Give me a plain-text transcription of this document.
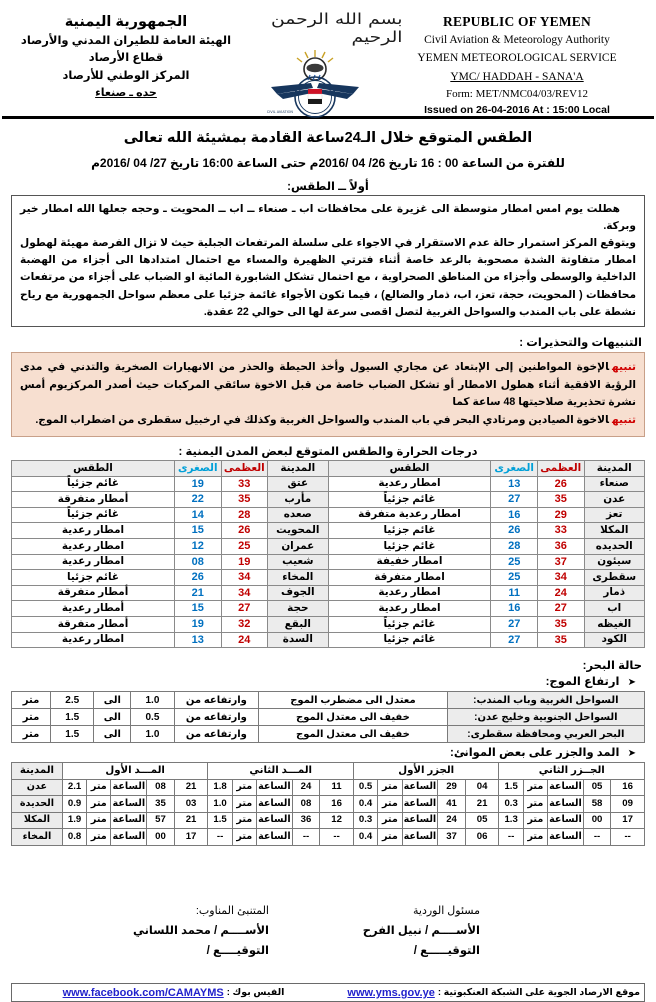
الجمهورية اليمنية
الهيئة العامة للطيران المدني والأرصاد
قطاع الأرصاد
المركز الوطني للأرصاد
حده ـ صنعاء
بسم الله الرحمن الرحيم
CIVIL AVIATION
REPUBLIC OF YEMEN
Civil Aviation & Meteorology Authority
YEMEN METEOROLOGICAL SERVICE
YMC/ HADDAH - SANA'A
Form: MET/NMC04/03/REV12
Issued on 26-04-2016 At : 15:00 Local
الطقس المتوقع خلال الـ24ساعة القادمة بمشيئة الله تعالى
للفترة من الساعة 00 : 16 تاريخ 26/ 04 /2016م حتى الساعة 16:00 تاريخ 27/ 04 /2016م
أولاً ــ الطقس:

هطلت يوم امس امطار متوسطة الى غزيرة على محافظات اب ـ صنعاء ــ اب ــ المحويت ـ وحجه جعلها الله امطار خير وبركة.

ويتوقع المركز استمرار حالة عدم الاستقرار في الاجواء على سلسلة المرتفعات الجبلية حيث لا تزال الفرصة مهيئة لهطول امطار متفاوتة الشدة مصحوبة بالرعد خاصة أثناء فترتي الظهيرة والمساء مع احتمال امتدادها الى أجزاء من الهضبة الداخلية والوسطى وأجزاء من المناطق الصحراوية ، مع احتمال تشكل الشابورة المائية او الضباب على أجزاء من مرتفعات محافظات ( المحويت، حجة، تعز، اب، ذمار والضالع) ، فيما تكون الأجواء غائمة جزئيا على معظم سواحل الجمهورية مع رياح نشطة على باب المندب والسواحل الغربية لتصل اقصى سرعة لها الى حوالي 22 عقدة.

التنبيهات والتحذيرات :

تنبيهالإخوة المواطنين إلى الإبتعاد عن مجاري السيول وأخذ الحيطة والحذر من الانهيارات الصخرية والتدني في مدى الرؤية الافقية أثناء هطول الامطار أو تشكل الضباب خاصة من قبل الاخوة سائقي المركبات حيث أصدر المركزيوم أمس نشرة تحذيرية صلاحيتها 48 ساعة كما

تنبيهالاخوة الصيادين ومرتادي البحر في باب المندب والسواحل الغربية وكذلك في ارخبيل سقطرى من اضطراب الموج.

درجات الحرارة والطقس المتوقع لبعض المدن اليمنية :
المدينة	العظمى	الصغرى	الطقس	المدينة	العظمى	الصغرى	الطقس
صنعاء	26	13	امطار رعدية	عتق	33	19	غائم جزئياً
عدن	35	27	غائم جزئياً	مأرب	35	22	أمطار متفرقة
تعز	29	16	امطار رعدية متفرقة	صعده	28	14	غائم جزئياً
المكلا	33	26	غائم جزئيا	المحويت	26	15	امطار رعدية
الحديده	36	28	غائم جزئيا	عمران	25	12	امطار رعدية
سيئون	37	25	امطار خفيفة	شعيب	19	08	امطار رعدية
سقطرى	34	25	امطار متفرقة	المخاء	34	26	غائم جزئيا
ذمار	24	11	امطار رعدية	الجوف	34	21	أمطار متفرقة
اب	27	16	امطار رعدية	حجة	27	15	أمطار رعدية
الغيظه	35	27	غائم جزئياً	البقع	32	19	أمطار متفرقة
الكود	35	27	غائم جزئيا	السدة	24	13	امطار رعدية
حالة البحر:
➤ ارتفاع الموج:
السواحل الغربية وباب المندب:	معتدل الى مضطرب الموج	وارتفاعه من	1.0	الى	2.5	متر
السواحل الجنوبية وخليج عدن:	خفيف الى معتدل الموج	وارتفاعه من	0.5	الى	1.5	متر
البحر العربي ومحافظة سقطرى:	خفيف الى معتدل الموج	وارتفاعه من	1.0	الى	1.5	متر
➤ المد والجزر على بعض الموانئ:
الجــزر الثاني					الجزر الأول					المـــد الثاني					المـــد الأول					المدينة
16	05	الساعة	متر	1.5	04	29	الساعة	متر	0.5	11	24	الساعة	متر	1.8	21	08	الساعة	متر	2.1	عدن
09	58	الساعة	متر	0.3	21	41	الساعة	متر	0.4	16	08	الساعة	متر	1.0	03	35	الساعة	متر	0.9	الحديدة
17	00	الساعة	متر	1.3	05	24	الساعة	متر	0.3	12	36	الساعة	متر	1.5	21	57	الساعة	متر	1.9	المكلا
--	--	الساعة	متر	--	06	37	الساعة	متر	0.4	--	--	الساعة	متر	--	17	00	الساعة	متر	0.8	المخاء
المتنبئ المناوب:
الأســــم / محمد اللساني
التوقيــــع /
مسئول الوردية
الأســــم / نبيل الفرح
التوقيـــــع /
موقع الارصاد الجوية على الشبكة العنكبوتية :
www.yms.gov.ye
الفيس بوك :
www.facebook.com/CAMAYMS
